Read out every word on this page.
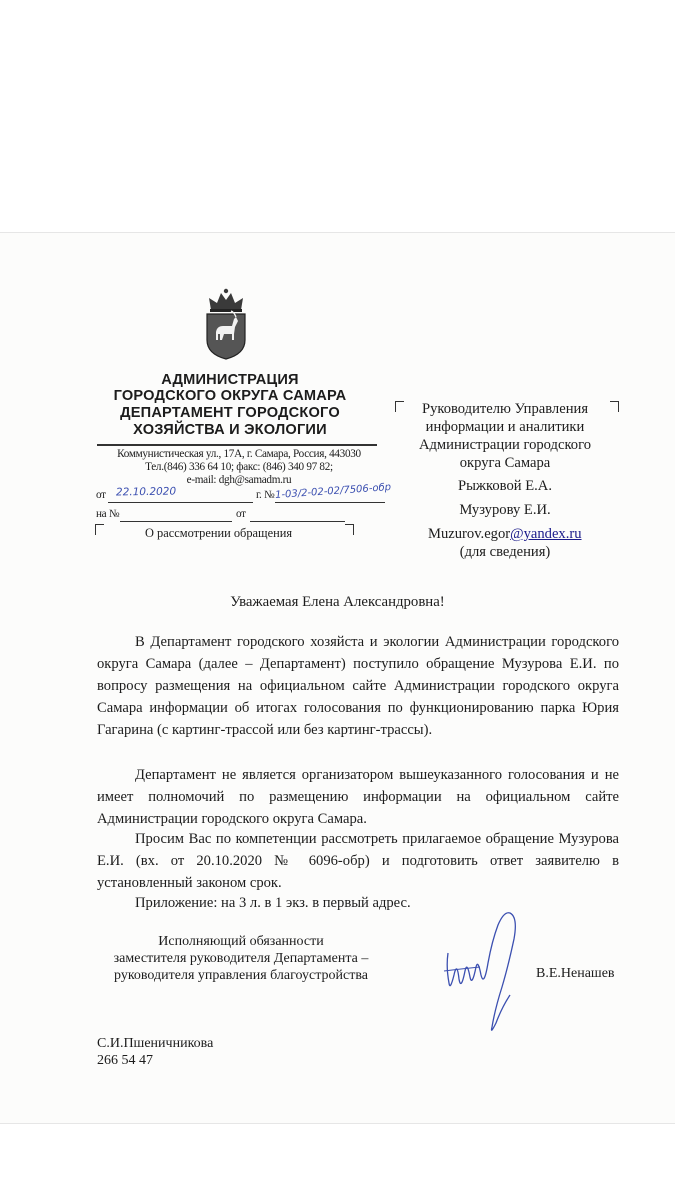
АДМИНИСТРАЦИЯ
ГОРОДСКОГО ОКРУГА САМАРА
ДЕПАРТАМЕНТ ГОРОДСКОГО
ХОЗЯЙСТВА И ЭКОЛОГИИ
Коммунистическая ул., 17А, г. Самара, Россия, 443030
Тел.(846) 336 64 10; факс: (846) 340 97 82;
e-mail: dgh@samadm.ru
от 22.10.2020	г. № 1-03/2-02-02/7506-обр
на №	от
О рассмотрении обращения
Руководителю Управления
информации и аналитики
Администрации городского
округа Самара
Рыжковой Е.А.
Музурову Е.И.
Muzurov.egor@yandex.ru
(для сведения)
Уважаемая Елена Александровна!
В Департамент городского хозяйста и экологии Администрации городского округа Самара (далее – Департамент) поступило обращение Музурова Е.И. по вопросу размещения на официальном сайте Администрации городского округа Самара информации об итогах голосования по функционированию парка Юрия Гагарина (с картинг-трассой или без картинг-трассы).
Департамент не является организатором вышеуказанного голосования и не имеет полномочий по размещению информации на официальном сайте Администрации городского округа Самара.
Просим Вас по компетенции рассмотреть прилагаемое обращение Музурова Е.И. (вх. от 20.10.2020 № 6096-обр) и подготовить ответ заявителю в установленный законом срок.
Приложение: на 3 л. в 1 экз. в первый адрес.
Исполняющий обязанности
заместителя руководителя Департамента –
руководителя управления благоустройства	В.Е.Ненашев
С.И.Пшеничникова
266 54 47
